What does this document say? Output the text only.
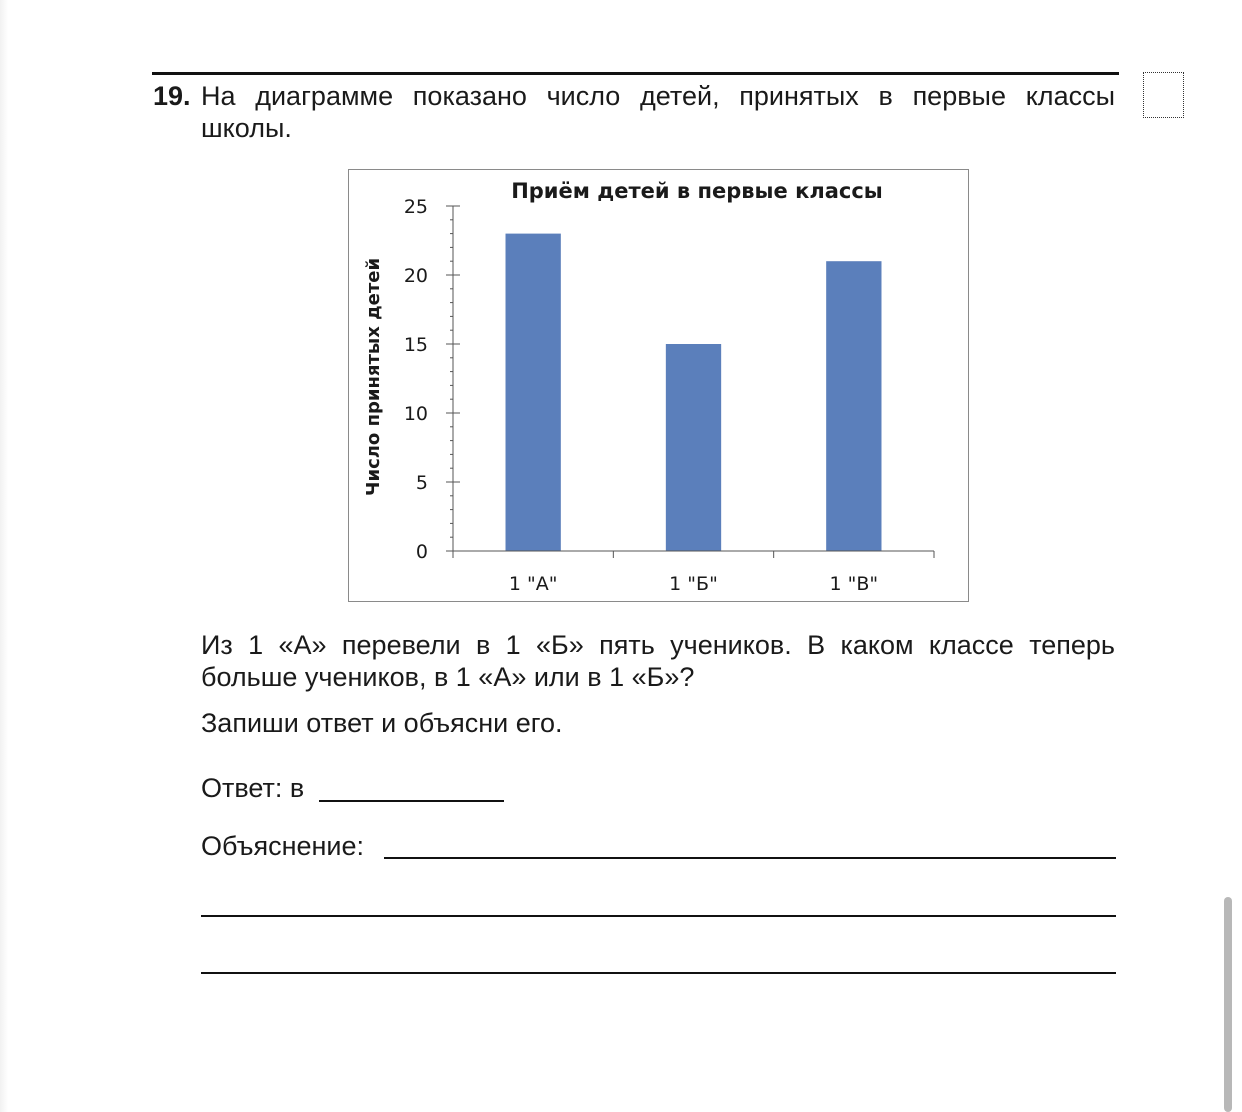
19. На диаграмме показано число детей, принятых в первые классы школы.
Приём детей в первые классы
Число принятых детей
0
5
10
15
20
25
1 "А"	1 "Б"	1 "В"
Из 1 «А» перевели в 1 «Б» пять учеников. В каком классе теперь больше учеников, в 1 «А» или в 1 «Б»?
Запиши ответ и объясни его.
Ответ: в
Объяснение:
